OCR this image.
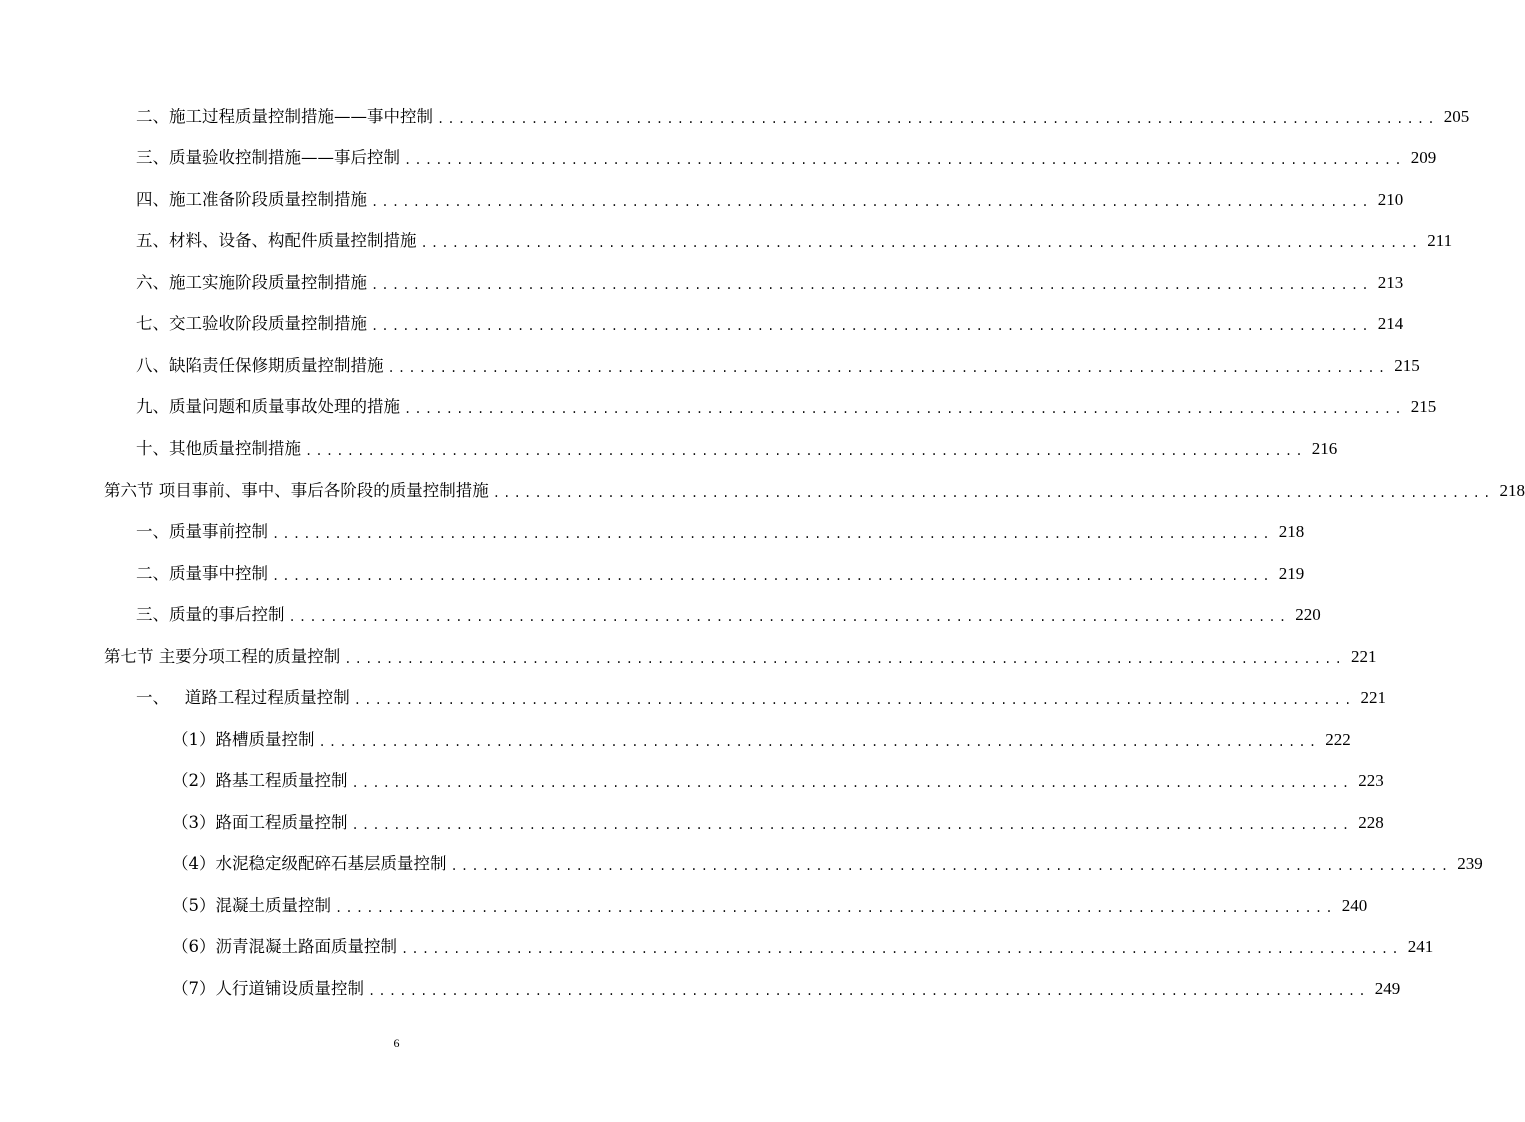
二、施工过程质量控制措施——事中控制 ................................................................................................ 205
三、质量验收控制措施——事后控制 ................................................................................................ 209
四、施工准备阶段质量控制措施 ................................................................................................ 210
五、材料、设备、构配件质量控制措施 ................................................................................................ 211
六、施工实施阶段质量控制措施 ................................................................................................ 213
七、交工验收阶段质量控制措施 ................................................................................................ 214
八、缺陷责任保修期质量控制措施 ................................................................................................ 215
九、质量问题和质量事故处理的措施 ................................................................................................ 215
十、其他质量控制措施 ................................................................................................ 216
第六节 项目事前、事中、事后各阶段的质量控制措施 ................................................................................................ 218
一、质量事前控制 ................................................................................................ 218
二、质量事中控制 ................................................................................................ 219
三、质量的事后控制 ................................................................................................ 220
第七节 主要分项工程的质量控制 ................................................................................................ 221
一、   道路工程过程质量控制 ................................................................................................ 221
（1）路槽质量控制 ................................................................................................ 222
（2）路基工程质量控制 ................................................................................................ 223
（3）路面工程质量控制 ................................................................................................ 228
（4）水泥稳定级配碎石基层质量控制 ................................................................................................ 239
（5）混凝土质量控制 ................................................................................................ 240
（6）沥青混凝土路面质量控制 ................................................................................................ 241
（7）人行道铺设质量控制 ................................................................................................ 249
6
